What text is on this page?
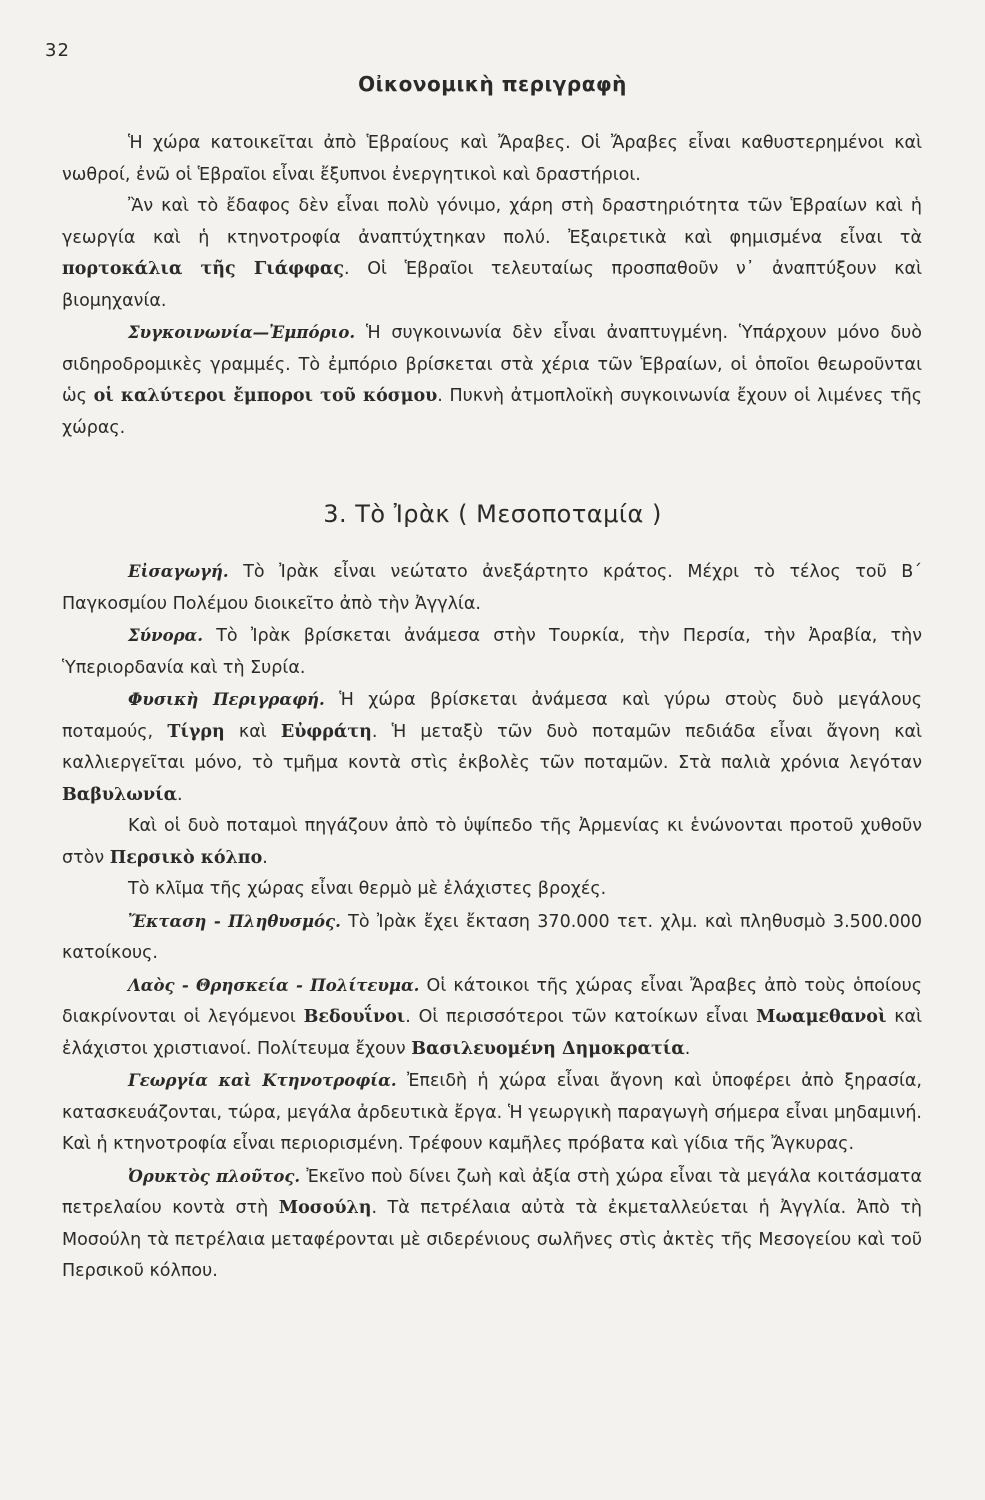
32
Οἰκονομικὴ περιγραφὴ

Ἡ χώρα κατοικεῖται ἀπὸ Ἑβραίους καὶ Ἄραβες. Οἱ Ἄραβες εἶναι καθυστερημένοι καὶ νωθροί, ἐνῶ οἱ Ἑβραῖοι εἶναι ἔξυπνοι ἐνεργητικοὶ καὶ δραστήριοι.

Ἂν καὶ τὸ ἔδαφος δὲν εἶναι πολὺ γόνιμο, χάρη στὴ δραστηριότητα τῶν Ἑβραίων καὶ ἡ γεωργία καὶ ἡ κτηνοτροφία ἀναπτύχτηκαν πολύ. Ἐξαιρετικὰ καὶ φημισμένα εἶναι τὰ πορτοκάλια τῆς Γιάφφας. Οἱ Ἑβραῖοι τελευταίως προσπαθοῦν ν᾽ ἀναπτύξουν καὶ βιομηχανία.

Συγκοινωνία—Ἐμπόριο. Ἡ συγκοινωνία δὲν εἶναι ἀναπτυγμένη. Ὑπάρχουν μόνο δυὸ σιδηροδρομικὲς γραμμές. Τὸ ἐμπόριο βρίσκεται στὰ χέρια τῶν Ἑβραίων, οἱ ὁποῖοι θεωροῦνται ὡς οἱ καλύτεροι ἔμποροι τοῦ κόσμου. Πυκνὴ ἀτμοπλοϊκὴ συγκοινωνία ἔχουν οἱ λιμένες τῆς χώρας.

3. Τὸ Ἰρὰκ ( Μεσοποταμία )

Εἰσαγωγή. Τὸ Ἰρὰκ εἶναι νεώτατο ἀνεξάρτητο κράτος. Μέχρι τὸ τέλος τοῦ Β΄ Παγκοσμίου Πολέμου διοικεῖτο ἀπὸ τὴν Ἀγγλία.

Σύνορα. Τὸ Ἰρὰκ βρίσκεται ἀνάμεσα στὴν Τουρκία, τὴν Περσία, τὴν Ἀραβία, τὴν Ὑπεριορδανία καὶ τὴ Συρία.

Φυσικὴ Περιγραφή. Ἡ χώρα βρίσκεται ἀνάμεσα καὶ γύρω στοὺς δυὸ μεγάλους ποταμούς, Τίγρη καὶ Εὐφράτη. Ἡ μεταξὺ τῶν δυὸ ποταμῶν πεδιάδα εἶναι ἄγονη καὶ καλλιεργεῖται μόνο, τὸ τμῆμα κοντὰ στὶς ἐκβολὲς τῶν ποταμῶν. Στὰ παλιὰ χρόνια λεγόταν Βαβυλωνία.

Καὶ οἱ δυὸ ποταμοὶ πηγάζουν ἀπὸ τὸ ὑψίπεδο τῆς Ἀρμενίας κι ἑνώνονται προτοῦ χυθοῦν στὸν Περσικὸ κόλπο.

Τὸ κλῖμα τῆς χώρας εἶναι θερμὸ μὲ ἐλάχιστες βροχές.

Ἔκταση - Πληθυσμός. Τὸ Ἰρὰκ ἔχει ἔκταση 370.000 τετ. χλμ. καὶ πληθυσμὸ 3.500.000 κατοίκους.

Λαὸς - Θρησκεία - Πολίτευμα. Οἱ κάτοικοι τῆς χώρας εἶναι Ἄραβες ἀπὸ τοὺς ὁποίους διακρίνονται οἱ λεγόμενοι Βεδουΐνοι. Οἱ περισσότεροι τῶν κατοίκων εἶναι Μωαμεθανοὶ καὶ ἐλάχιστοι χριστιανοί. Πολίτευμα ἔχουν Βασιλευομένη Δημοκρατία.

Γεωργία καὶ Κτηνοτροφία. Ἐπειδὴ ἡ χώρα εἶναι ἄγονη καὶ ὑποφέρει ἀπὸ ξηρασία, κατασκευάζονται, τώρα, μεγάλα ἀρδευτικὰ ἔργα. Ἡ γεωργικὴ παραγωγὴ σήμερα εἶναι μηδαμινή. Καὶ ἡ κτηνοτροφία εἶναι περιορισμένη. Τρέφουν καμῆλες πρόβατα καὶ γίδια τῆς Ἄγκυρας.

Ὀρυκτὸς πλοῦτος. Ἐκεῖνο ποὺ δίνει ζωὴ καὶ ἀξία στὴ χώρα εἶναι τὰ μεγάλα κοιτάσματα πετρελαίου κοντὰ στὴ Μοσούλη. Τὰ πετρέλαια αὐτὰ τὰ ἐκμεταλλεύεται ἡ Ἀγγλία. Ἀπὸ τὴ Μοσούλη τὰ πετρέλαια μεταφέρονται μὲ σιδερένιους σωλῆνες στὶς ἀκτὲς τῆς Μεσογείου καὶ τοῦ Περσικοῦ κόλπου.
